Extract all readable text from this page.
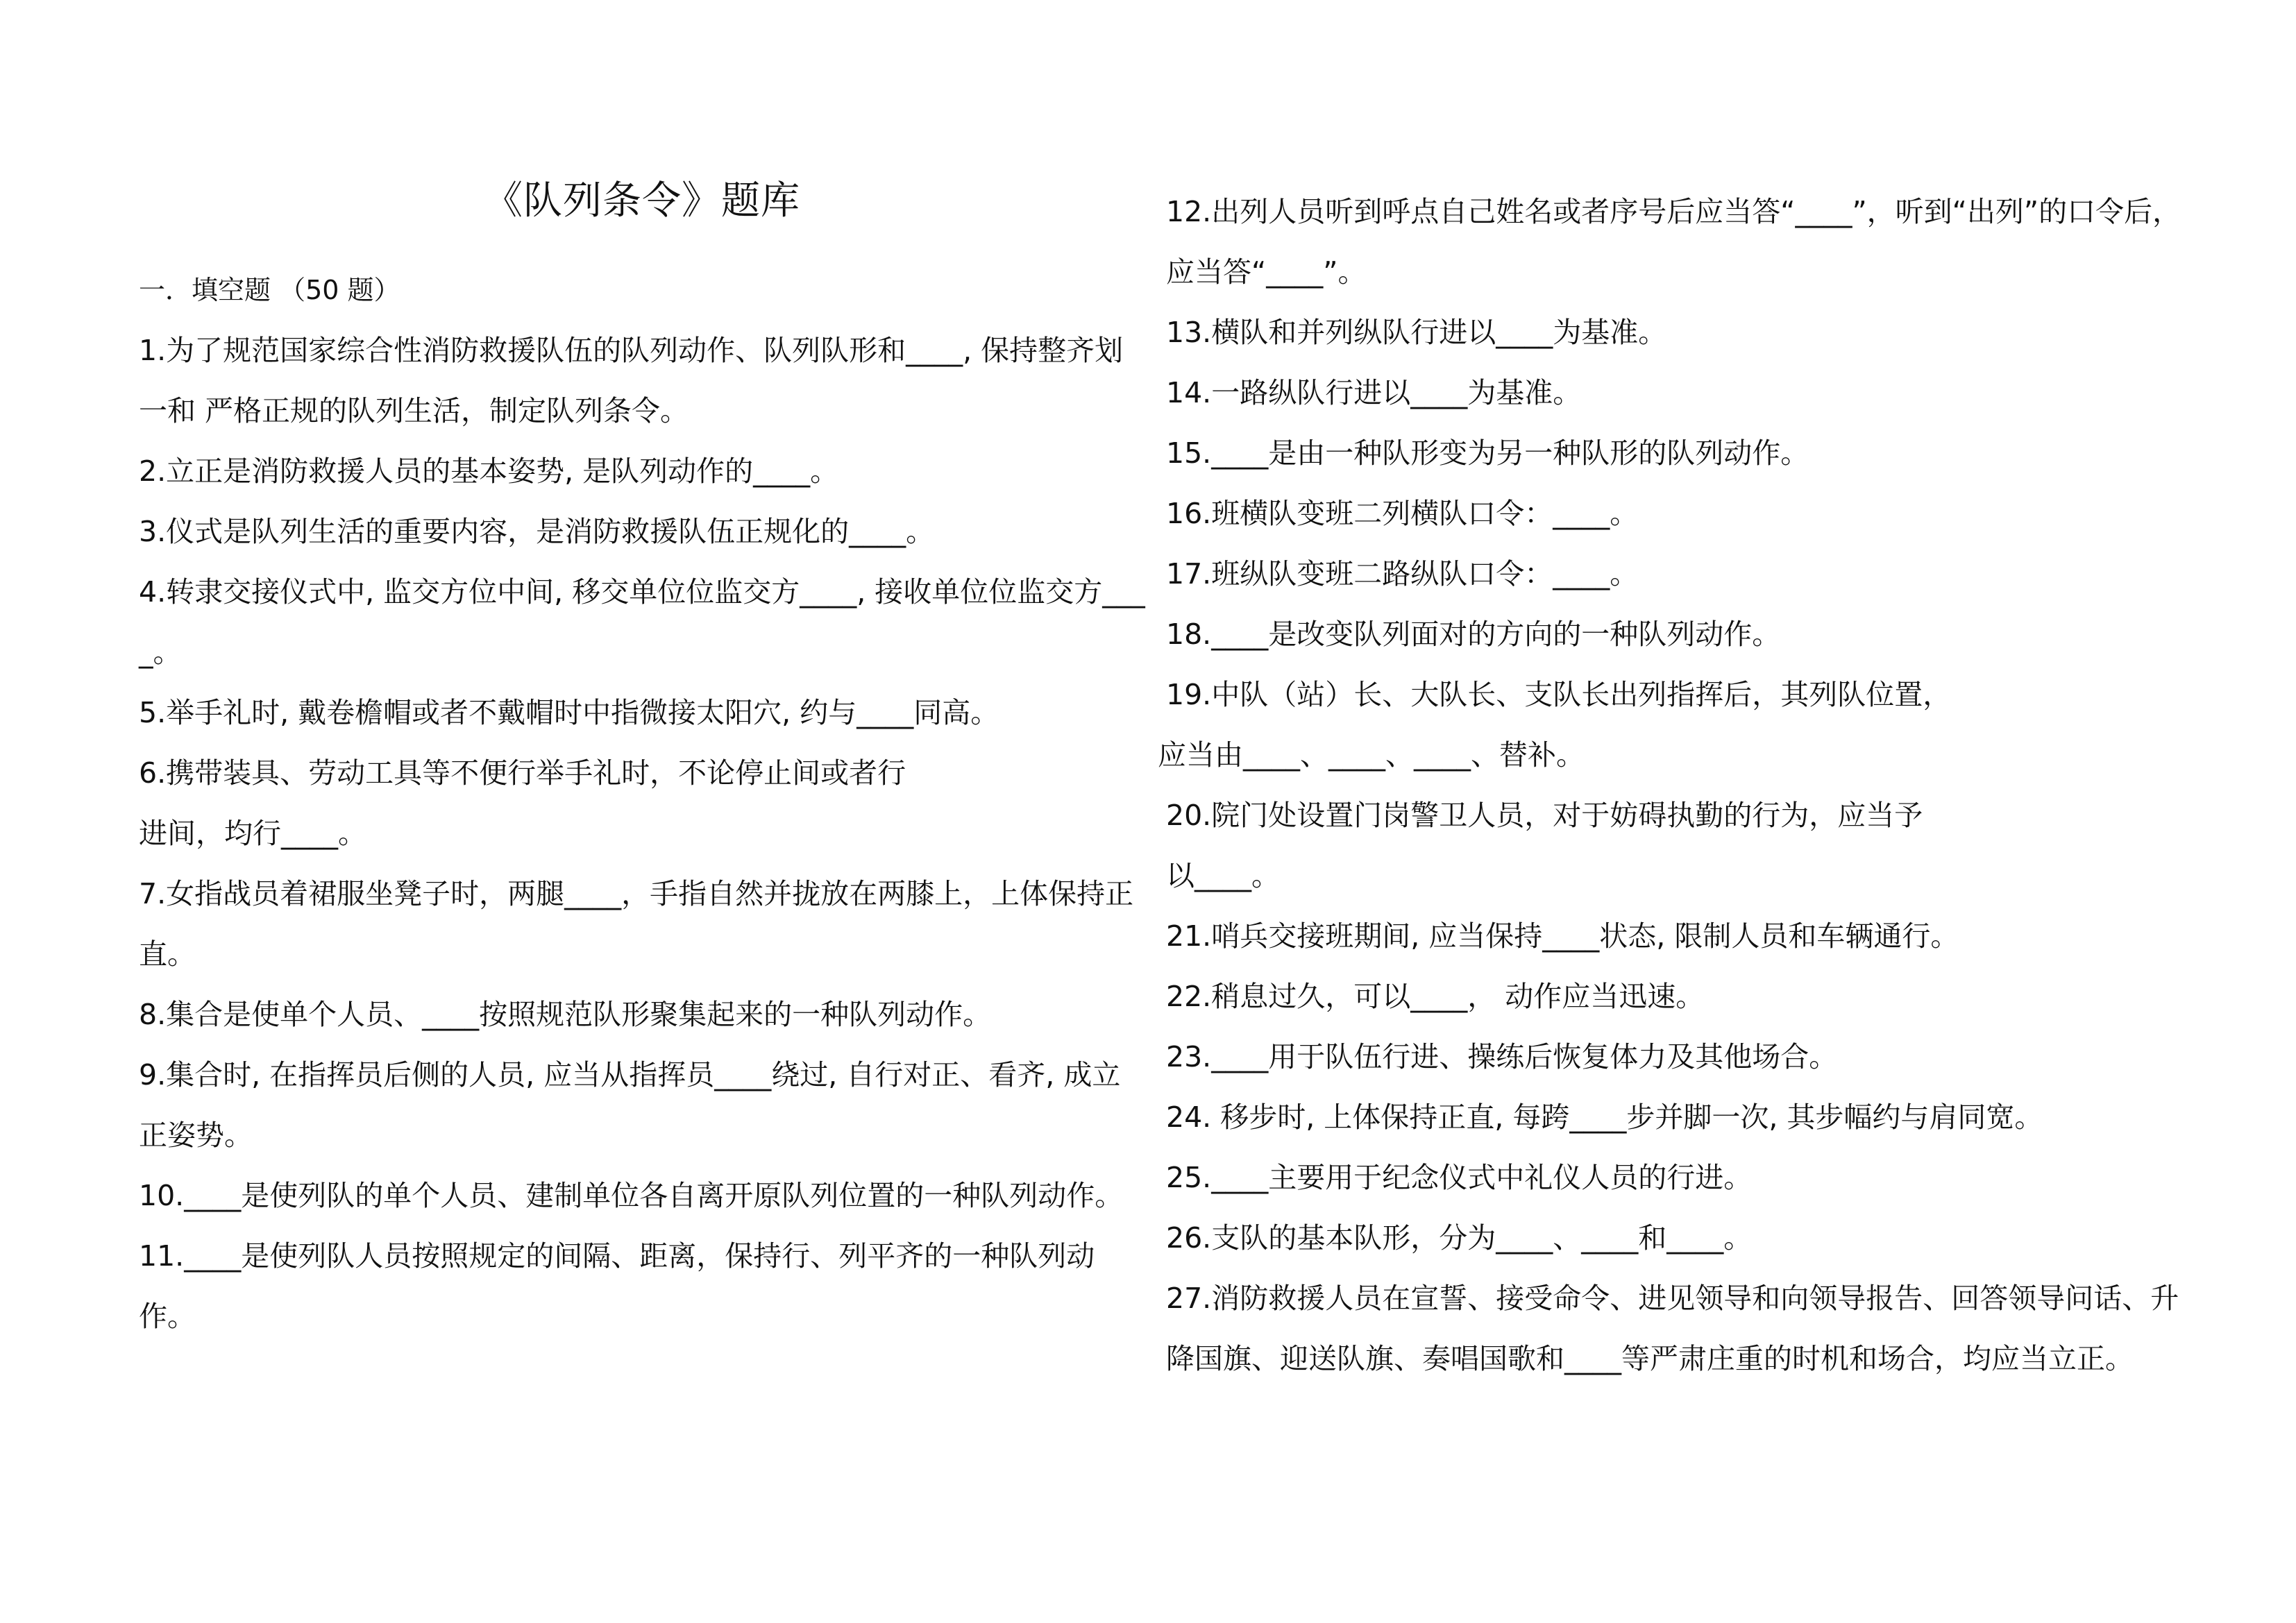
《队列条令》题库

一．填空题 （50 题）

1.为了规范国家综合性消防救援队伍的队列动作、队列队形和____, 保持整齐划一和 严格正规的队列生活，制定队列条令。

2.立正是消防救援人员的基本姿势, 是队列动作的____。

3.仪式是队列生活的重要内容，是消防救援队伍正规化的____。

4.转隶交接仪式中, 监交方位中间, 移交单位位监交方____, 接收单位位监交方____。

5.举手礼时, 戴卷檐帽或者不戴帽时中指微接太阳穴, 约与____同高。

6.携带装具、劳动工具等不便行举手礼时，不论停止间或者行
进间，均行____。

7.女指战员着裙服坐凳子时，两腿____，手指自然并拢放在两膝上，上体保持正直。

8.集合是使单个人员、____按照规范队形聚集起来的一种队列动作。

9.集合时, 在指挥员后侧的人员, 应当从指挥员____绕过, 自行对正、看齐, 成立正姿势。

10.____是使列队的单个人员、建制单位各自离开原队列位置的一种队列动作。

11.____是使列队人员按照规定的间隔、距离，保持行、列平齐的一种队列动作。

12.出列人员听到呼点自己姓名或者序号后应当答“____”，听到“出列”的口令后，应当答“____”。

13.横队和并列纵队行进以____为基准。

14.一路纵队行进以____为基准。

15.____是由一种队形变为另一种队形的队列动作。

16.班横队变班二列横队口令：____。

17.班纵队变班二路纵队口令：____。

18.____是改变队列面对的方向的一种队列动作。

19.中队（站）长、大队长、支队长出列指挥后，其列队位置，

应当由____、____、____、替补。

20.院门处设置门岗警卫人员，对于妨碍执勤的行为，应当予
以____。

21.哨兵交接班期间, 应当保持____状态, 限制人员和车辆通行。

22.稍息过久，可以____， 动作应当迅速。

23.____用于队伍行进、操练后恢复体力及其他场合。

24. 移步时, 上体保持正直, 每跨____步并脚一次, 其步幅约与肩同宽。

25.____主要用于纪念仪式中礼仪人员的行进。

26.支队的基本队形，分为____、____和____。

27.消防救援人员在宣誓、接受命令、进见领导和向领导报告、回答领导问话、升降国旗、迎送队旗、奏唱国歌和____等严肃庄重的时机和场合，均应当立正。
